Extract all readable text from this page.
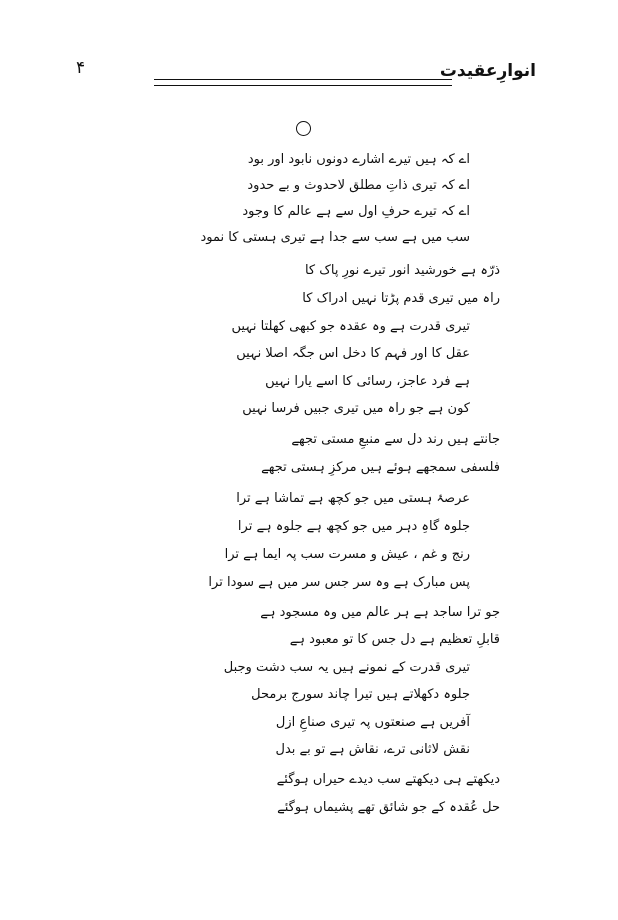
۴	انوارِعقیدت
اے کہ ہیں تیرے اشارے دونوں نابود اور بود
اے کہ تیری ذاتِ مطلق لاحدوث و بے حدود
اے کہ تیرے حرفِ اول سے ہے عالم کا وجود
سب میں ہے سب سے جدا ہے تیری ہستی کا نمود
ذرّہ ہے خورشید انور تیرے نورِ پاک کا
راہ میں تیری قدم پڑتا نہیں ادراک کا
تیری قدرت ہے وہ عقدہ جو کبھی کھلتا نہیں
عقل کا اور فہم کا دخل اس جگہ اصلا نہیں
ہے فرد عاجز، رسائی کا اسے یارا نہیں
کون ہے جو راہ میں تیری جبیں فرسا نہیں
جانتے ہیں رند دل سے منبعِ مستی تجھے
فلسفی سمجھے ہوئے ہیں مرکزِ ہستی تجھے
عرصۂ ہستی میں جو کچھ ہے تماشا ہے ترا
جلوہ گاہِ دہر میں جو کچھ ہے جلوہ ہے ترا
رنج و غم ، عیش و مسرت سب پہ ایما ہے ترا
پس مبارک ہے وہ سر جس سر میں ہے سودا ترا
جو ترا ساجد ہے ہر عالم میں وہ مسجود ہے
قابلِ تعظیم ہے دل جس کا تو معبود ہے
تیری قدرت کے نمونے ہیں یہ سب دشت وجبل
جلوہ دکھلاتے ہیں تیرا چاند سورج برمحل
آفریں ہے صنعتوں پہ تیری صناعِ ازل
نقش لاثانی ترے، نقاش ہے تو بے بدل
دیکھتے ہی دیکھتے سب دیدے حیراں ہوگئے
حل عُقدہ کے جو شائق تھے پشیماں ہوگئے
